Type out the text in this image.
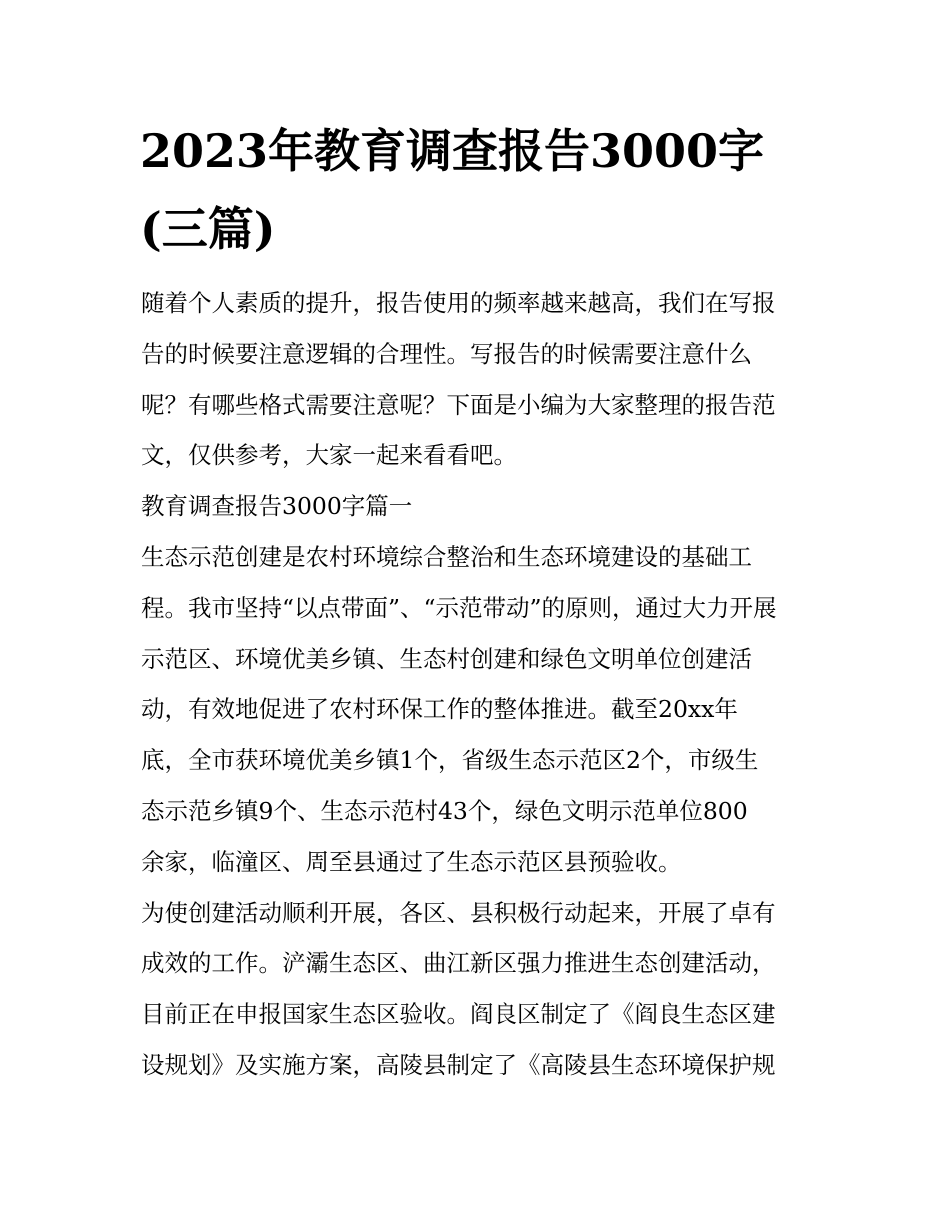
2023年教育调查报告3000字
(三篇)
随着个人素质的提升，报告使用的频率越来越高，我们在写报
告的时候要注意逻辑的合理性。写报告的时候需要注意什么
呢？有哪些格式需要注意呢？下面是小编为大家整理的报告范
文，仅供参考，大家一起来看看吧。
教育调查报告3000字篇一
生态示范创建是农村环境综合整治和生态环境建设的基础工
程。我市坚持“以点带面”、“示范带动”的原则，通过大力开展
示范区、环境优美乡镇、生态村创建和绿色文明单位创建活
动，有效地促进了农村环保工作的整体推进。截至20xx年
底，全市获环境优美乡镇1个，省级生态示范区2个，市级生
态示范乡镇9个、生态示范村43个，绿色文明示范单位800
余家，临潼区、周至县通过了生态示范区县预验收。
为使创建活动顺利开展，各区、县积极行动起来，开展了卓有
成效的工作。浐灞生态区、曲江新区强力推进生态创建活动，
目前正在申报国家生态区验收。阎良区制定了《阎良生态区建
设规划》及实施方案，高陵县制定了《高陵县生态环境保护规
